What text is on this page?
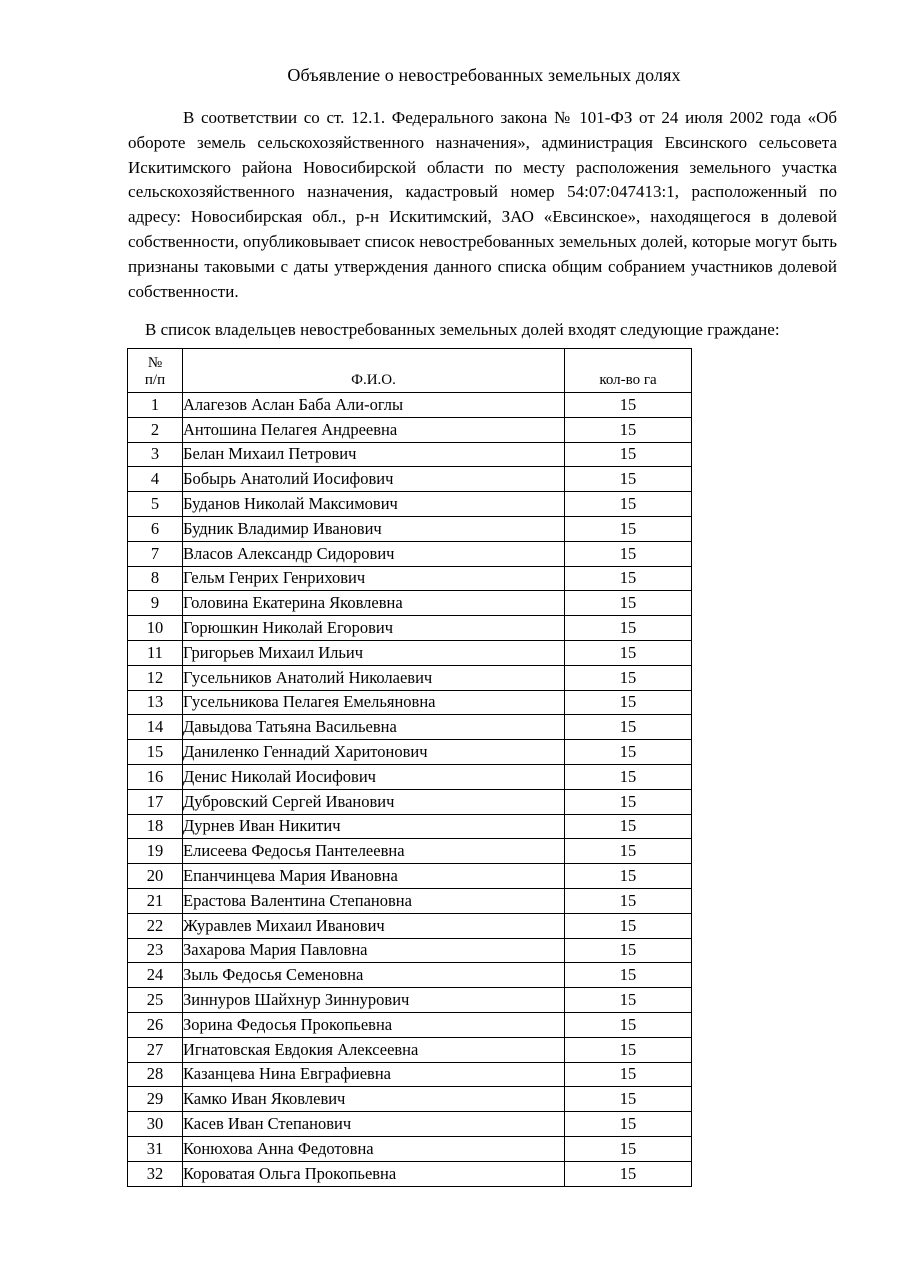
Объявление о невостребованных земельных долях

В соответствии со ст. 12.1. Федерального закона № 101-ФЗ от 24 июля 2002 года «Об обороте земель сельскохозяйственного назначения», администрация Евсинского сельсовета Искитимского района Новосибирской области по месту расположения земельного участка сельскохозяйственного назначения, кадастровый номер 54:07:047413:1, расположенный по адресу: Новосибирская обл., р-н Искитимский, ЗАО «Евсинское», находящегося в долевой собственности, опубликовывает список невостребованных земельных долей, которые могут быть признаны таковыми с даты утверждения данного списка общим собранием участников долевой собственности.

В список владельцев невостребованных земельных долей входят следующие граждане:
№
п/п	Ф.И.О.	кол-во га
1	Алагезов Аслан Баба Али-оглы	15
2	Антошина Пелагея Андреевна	15
3	Белан Михаил Петрович	15
4	Бобырь Анатолий Иосифович	15
5	Буданов Николай Максимович	15
6	Будник Владимир Иванович	15
7	Власов Александр Сидорович	15
8	Гельм Генрих Генрихович	15
9	Головина Екатерина Яковлевна	15
10	Горюшкин Николай Егорович	15
11	Григорьев Михаил Ильич	15
12	Гусельников Анатолий Николаевич	15
13	Гусельникова Пелагея Емельяновна	15
14	Давыдова Татьяна Васильевна	15
15	Даниленко Геннадий Харитонович	15
16	Денис Николай Иосифович	15
17	Дубровский Сергей Иванович	15
18	Дурнев Иван Никитич	15
19	Елисеева Федосья Пантелеевна	15
20	Епанчинцева Мария Ивановна	15
21	Ерастова Валентина Степановна	15
22	Журавлев Михаил Иванович	15
23	Захарова Мария Павловна	15
24	Зыль Федосья Семеновна	15
25	Зиннуров Шайхнур Зиннурович	15
26	Зорина Федосья Прокопьевна	15
27	Игнатовская Евдокия Алексеевна	15
28	Казанцева Нина Евграфиевна	15
29	Камко Иван Яковлевич	15
30	Касев Иван Степанович	15
31	Конюхова Анна Федотовна	15
32	Короватая Ольга Прокопьевна	15
